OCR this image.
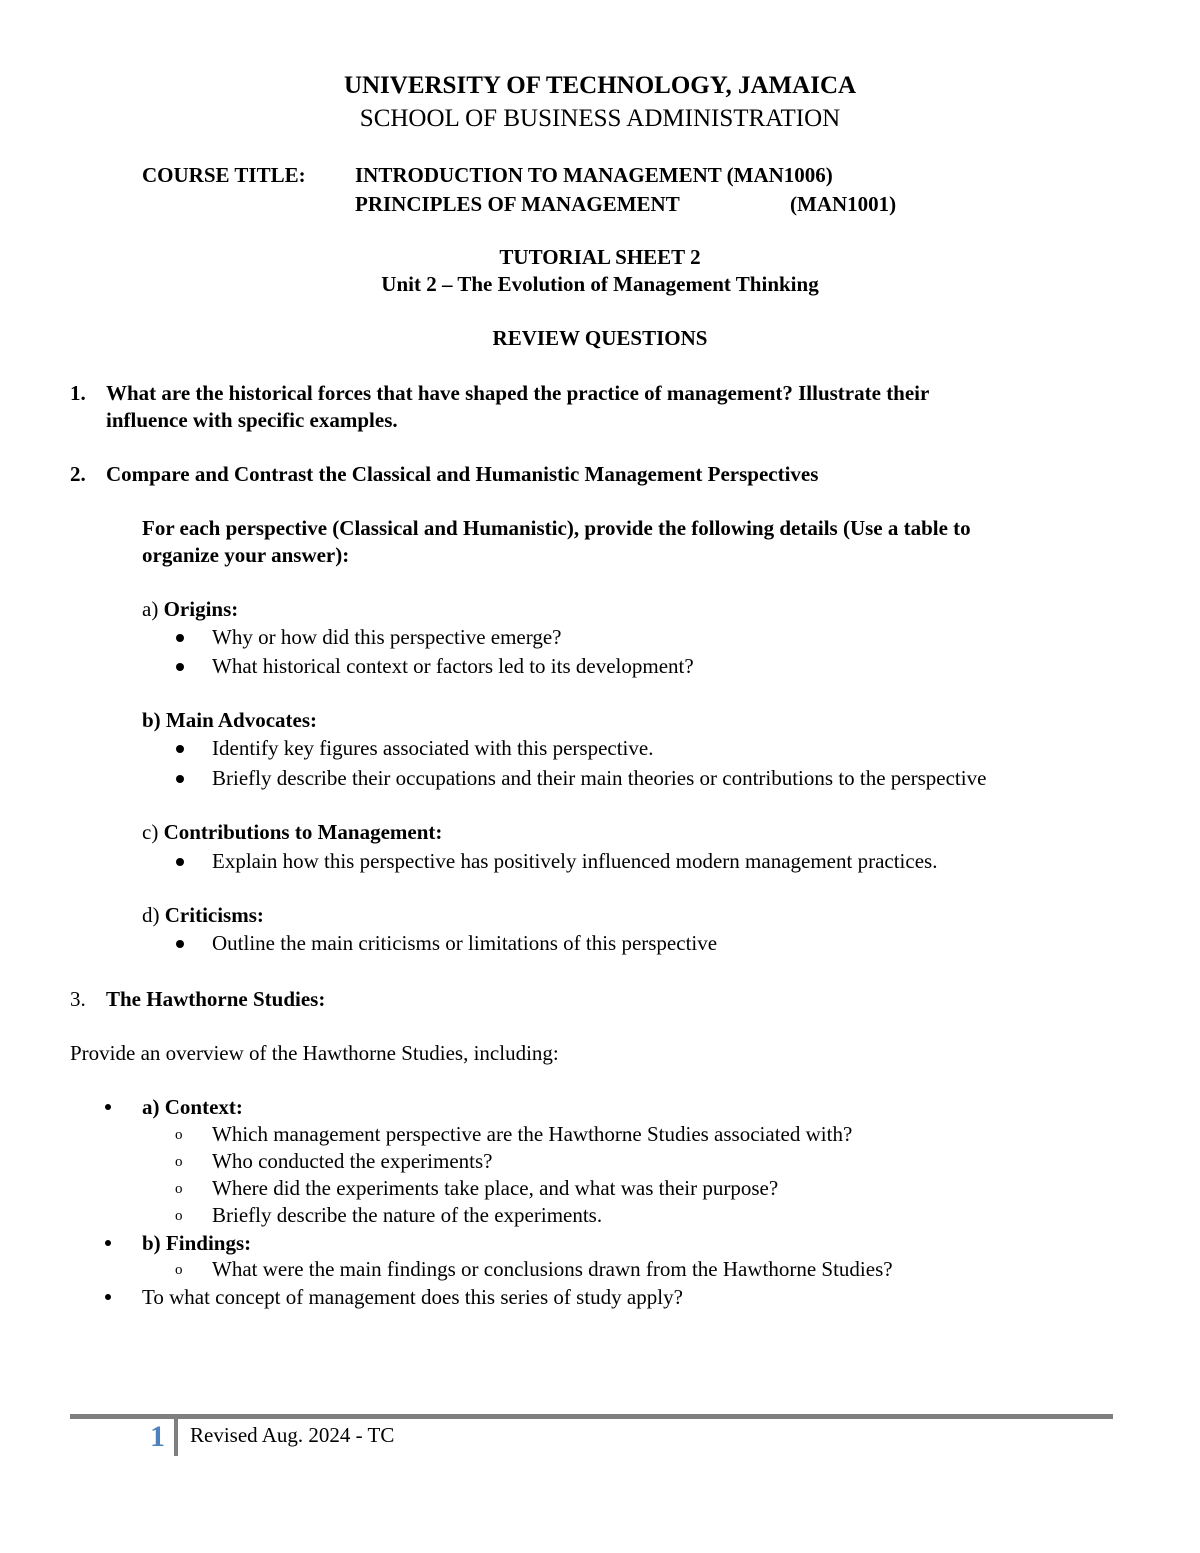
UNIVERSITY OF TECHNOLOGY, JAMAICA
SCHOOL OF BUSINESS ADMINISTRATION
COURSE TITLE: INTRODUCTION TO MANAGEMENT (MAN1006)
PRINCIPLES OF MANAGEMENT	(MAN1001)
TUTORIAL SHEET 2
Unit 2 – The Evolution of Management Thinking
REVIEW QUESTIONS
1. What are the historical forces that have shaped the practice of management? Illustrate their
influence with specific examples.
2. Compare and Contrast the Classical and Humanistic Management Perspectives
For each perspective (Classical and Humanistic), provide the following details (Use a table to
organize your answer):
a) Origins:
Why or how did this perspective emerge?
What historical context or factors led to its development?
b) Main Advocates:
Identify key figures associated with this perspective.
Briefly describe their occupations and their main theories or contributions to the perspective
c) Contributions to Management:
Explain how this perspective has positively influenced modern management practices.
d) Criticisms:
Outline the main criticisms or limitations of this perspective
3. The Hawthorne Studies:
Provide an overview of the Hawthorne Studies, including:
a) Context:
o Which management perspective are the Hawthorne Studies associated with?
o Who conducted the experiments?
o Where did the experiments take place, and what was their purpose?
o Briefly describe the nature of the experiments.
b) Findings:
o What were the main findings or conclusions drawn from the Hawthorne Studies?
To what concept of management does this series of study apply?
1 Revised Aug. 2024 - TC
